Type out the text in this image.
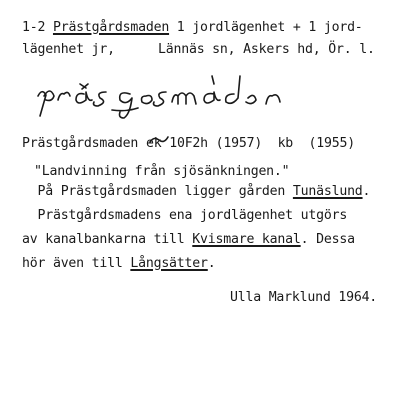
1-2 Prästgårdsmaden 1 jordlägenhet + 1 jord-
lägenhet jr,	Lännäs sn, Askers hd, Ör. l.
Prästgårdsmaden ek 10F2h (1957)  kb  (1955)
"Landvinning från sjösänkningen."
På Prästgårdsmaden ligger gården Tunäslund.
Prästgårdsmadens ena jordlägenhet utgörs
av kanalbankarna till Kvismare kanal. Dessa
hör även till Långsätter.
Ulla Marklund 1964.
